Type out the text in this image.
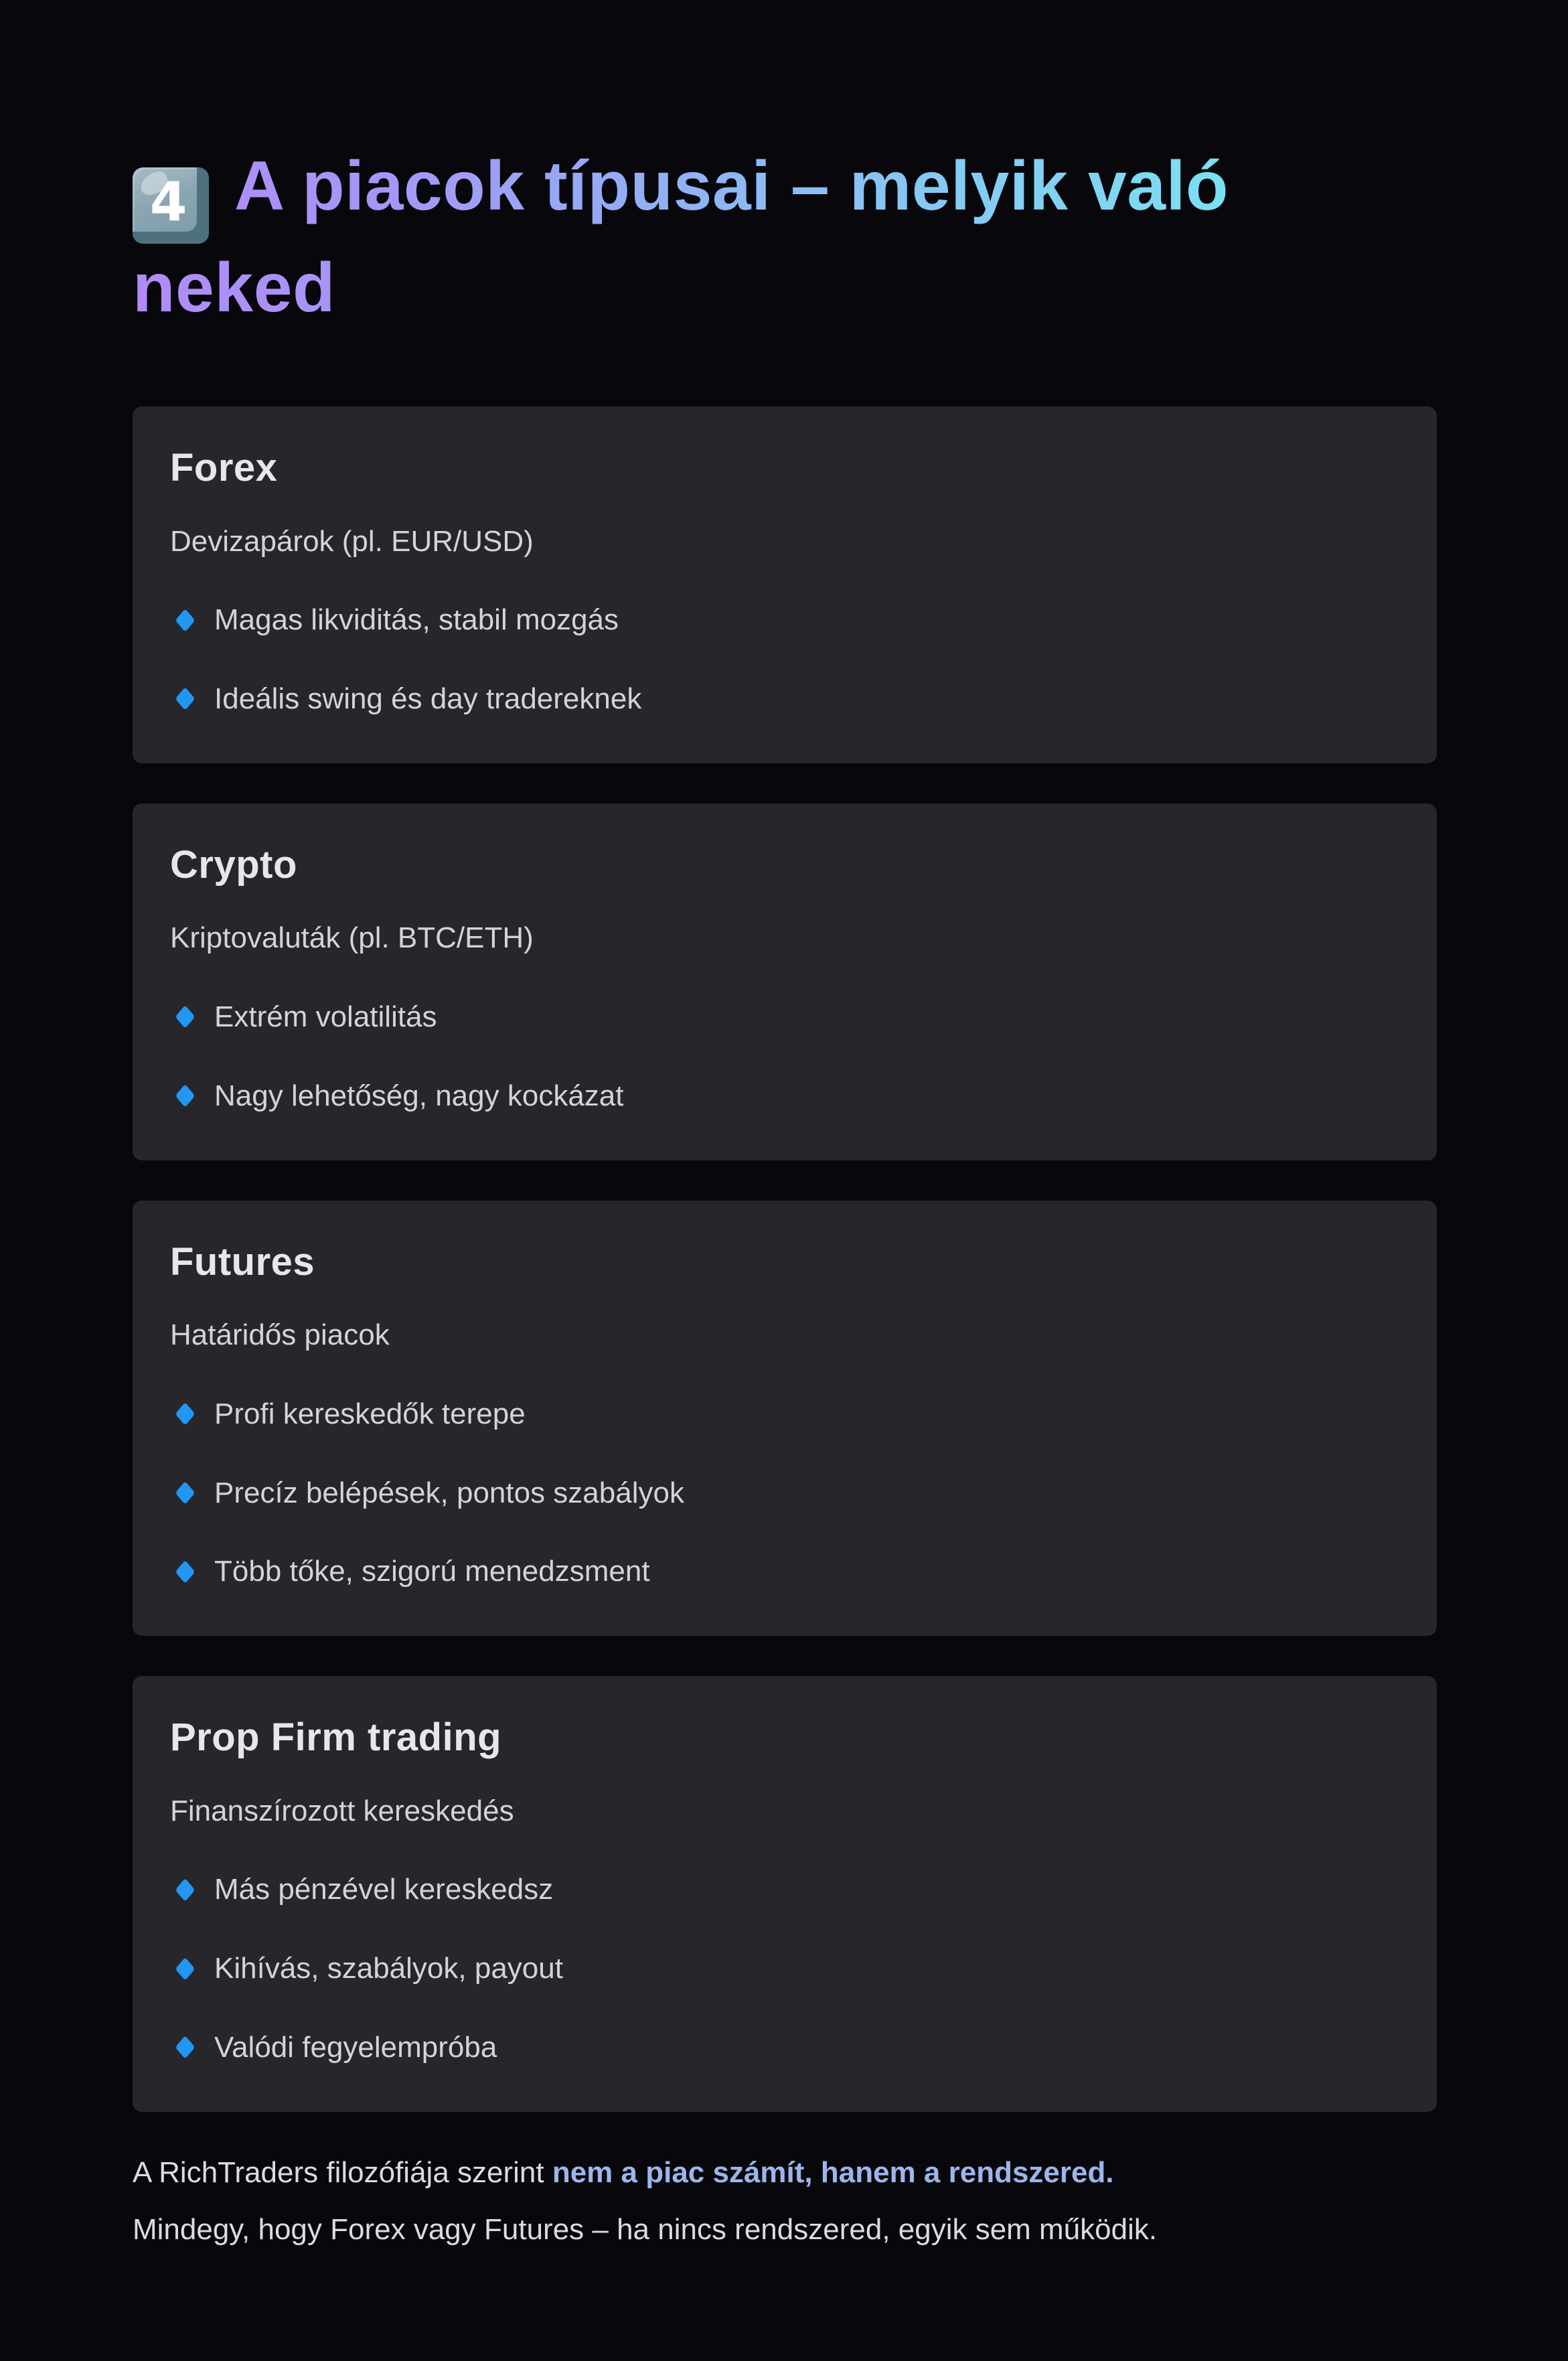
4 A piacok típusai – melyik való
neked
Forex

Devizapárok (pl. EUR/USD)

Magas likviditás, stabil mozgás
Ideális swing és day tradereknek
Crypto

Kriptovaluták (pl. BTC/ETH)

Extrém volatilitás
Nagy lehetőség, nagy kockázat
Futures

Határidős piacok

Profi kereskedők terepe
Precíz belépések, pontos szabályok
Több tőke, szigorú menedzsment
Prop Firm trading

Finanszírozott kereskedés

Más pénzével kereskedsz
Kihívás, szabályok, payout
Valódi fegyelempróba

A RichTraders filozófiája szerint nem a piac számít, hanem a rendszered.

Mindegy, hogy Forex vagy Futures – ha nincs rendszered, egyik sem működik.
